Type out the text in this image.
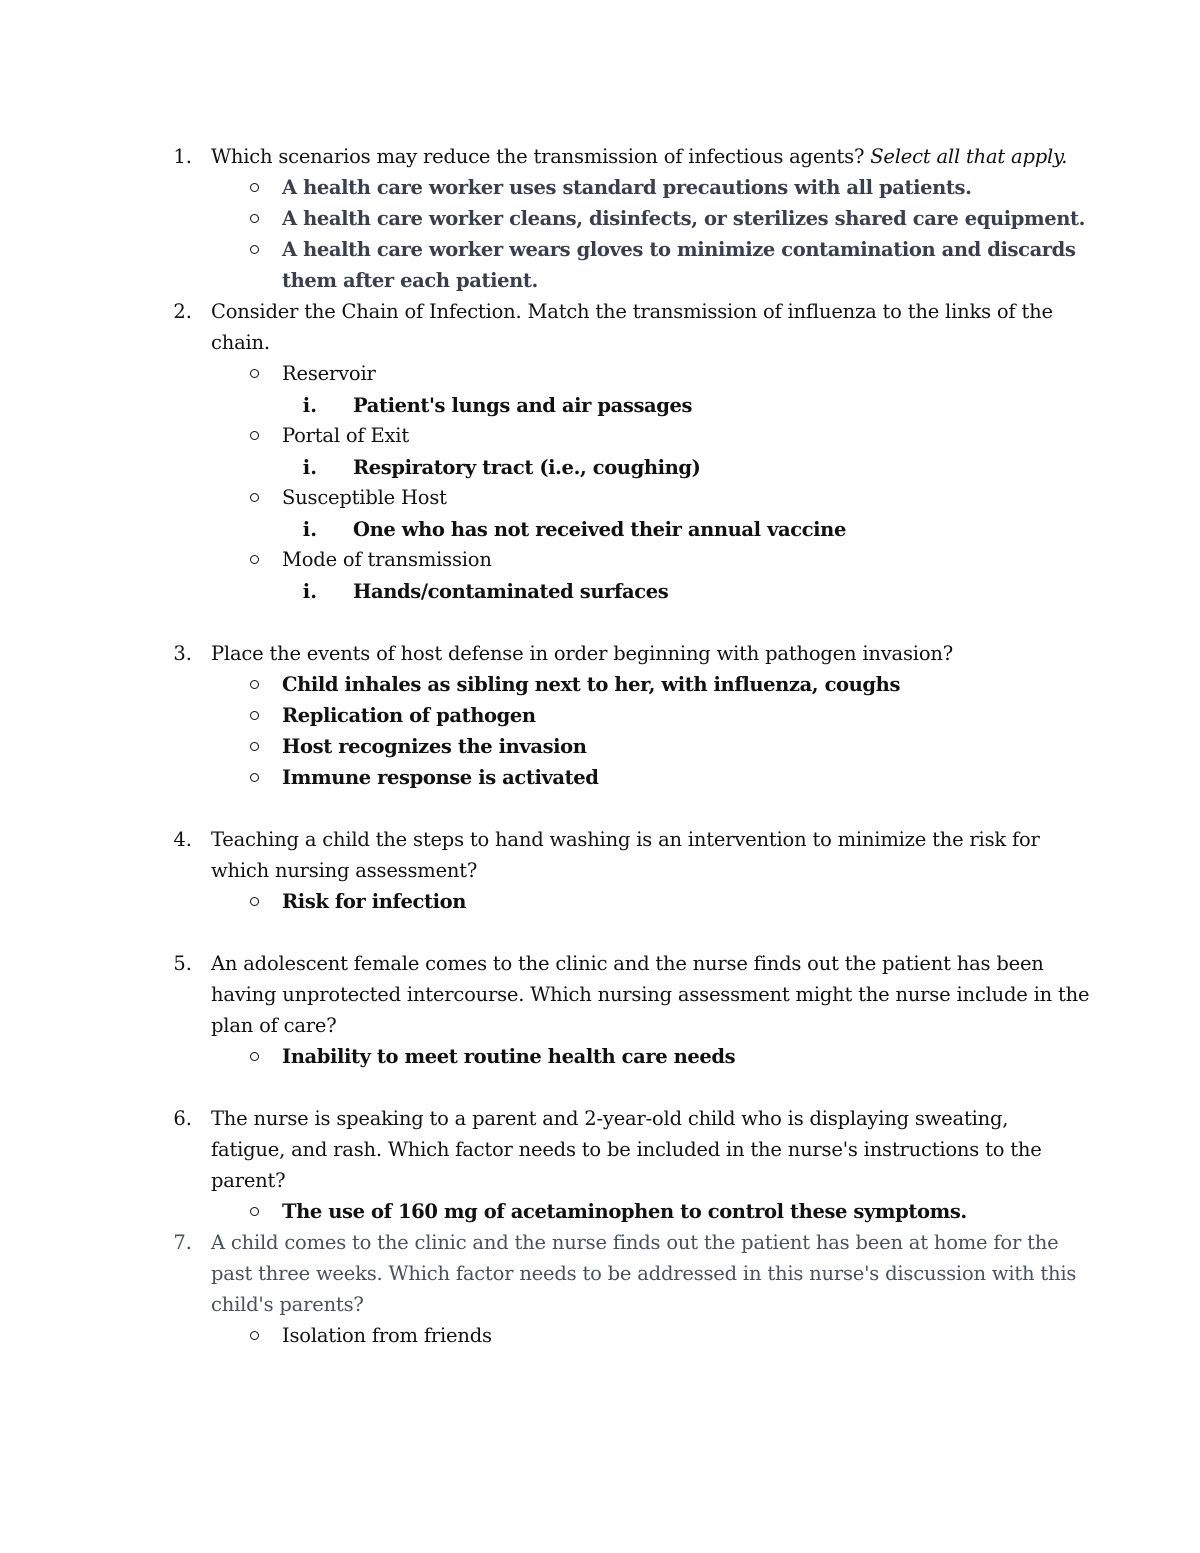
1. Which scenarios may reduce the transmission of infectious agents? Select all that apply.
A health care worker uses standard precautions with all patients.
A health care worker cleans, disinfects, or sterilizes shared care equipment.
A health care worker wears gloves to minimize contamination and discards
them after each patient.
2. Consider the Chain of Infection. Match the transmission of influenza to the links of the
chain.
Reservoir
i. Patient's lungs and air passages
Portal of Exit
i. Respiratory tract (i.e., coughing)
Susceptible Host
i. One who has not received their annual vaccine
Mode of transmission
i. Hands/contaminated surfaces
3. Place the events of host defense in order beginning with pathogen invasion?
Child inhales as sibling next to her, with influenza, coughs
Replication of pathogen
Host recognizes the invasion
Immune response is activated
4. Teaching a child the steps to hand washing is an intervention to minimize the risk for
which nursing assessment?
Risk for infection
5. An adolescent female comes to the clinic and the nurse finds out the patient has been
having unprotected intercourse. Which nursing assessment might the nurse include in the
plan of care?
Inability to meet routine health care needs
6. The nurse is speaking to a parent and 2-year-old child who is displaying sweating,
fatigue, and rash. Which factor needs to be included in the nurse's instructions to the
parent?
The use of 160 mg of acetaminophen to control these symptoms.
7. A child comes to the clinic and the nurse finds out the patient has been at home for the
past three weeks. Which factor needs to be addressed in this nurse's discussion with this
child's parents?
Isolation from friends
